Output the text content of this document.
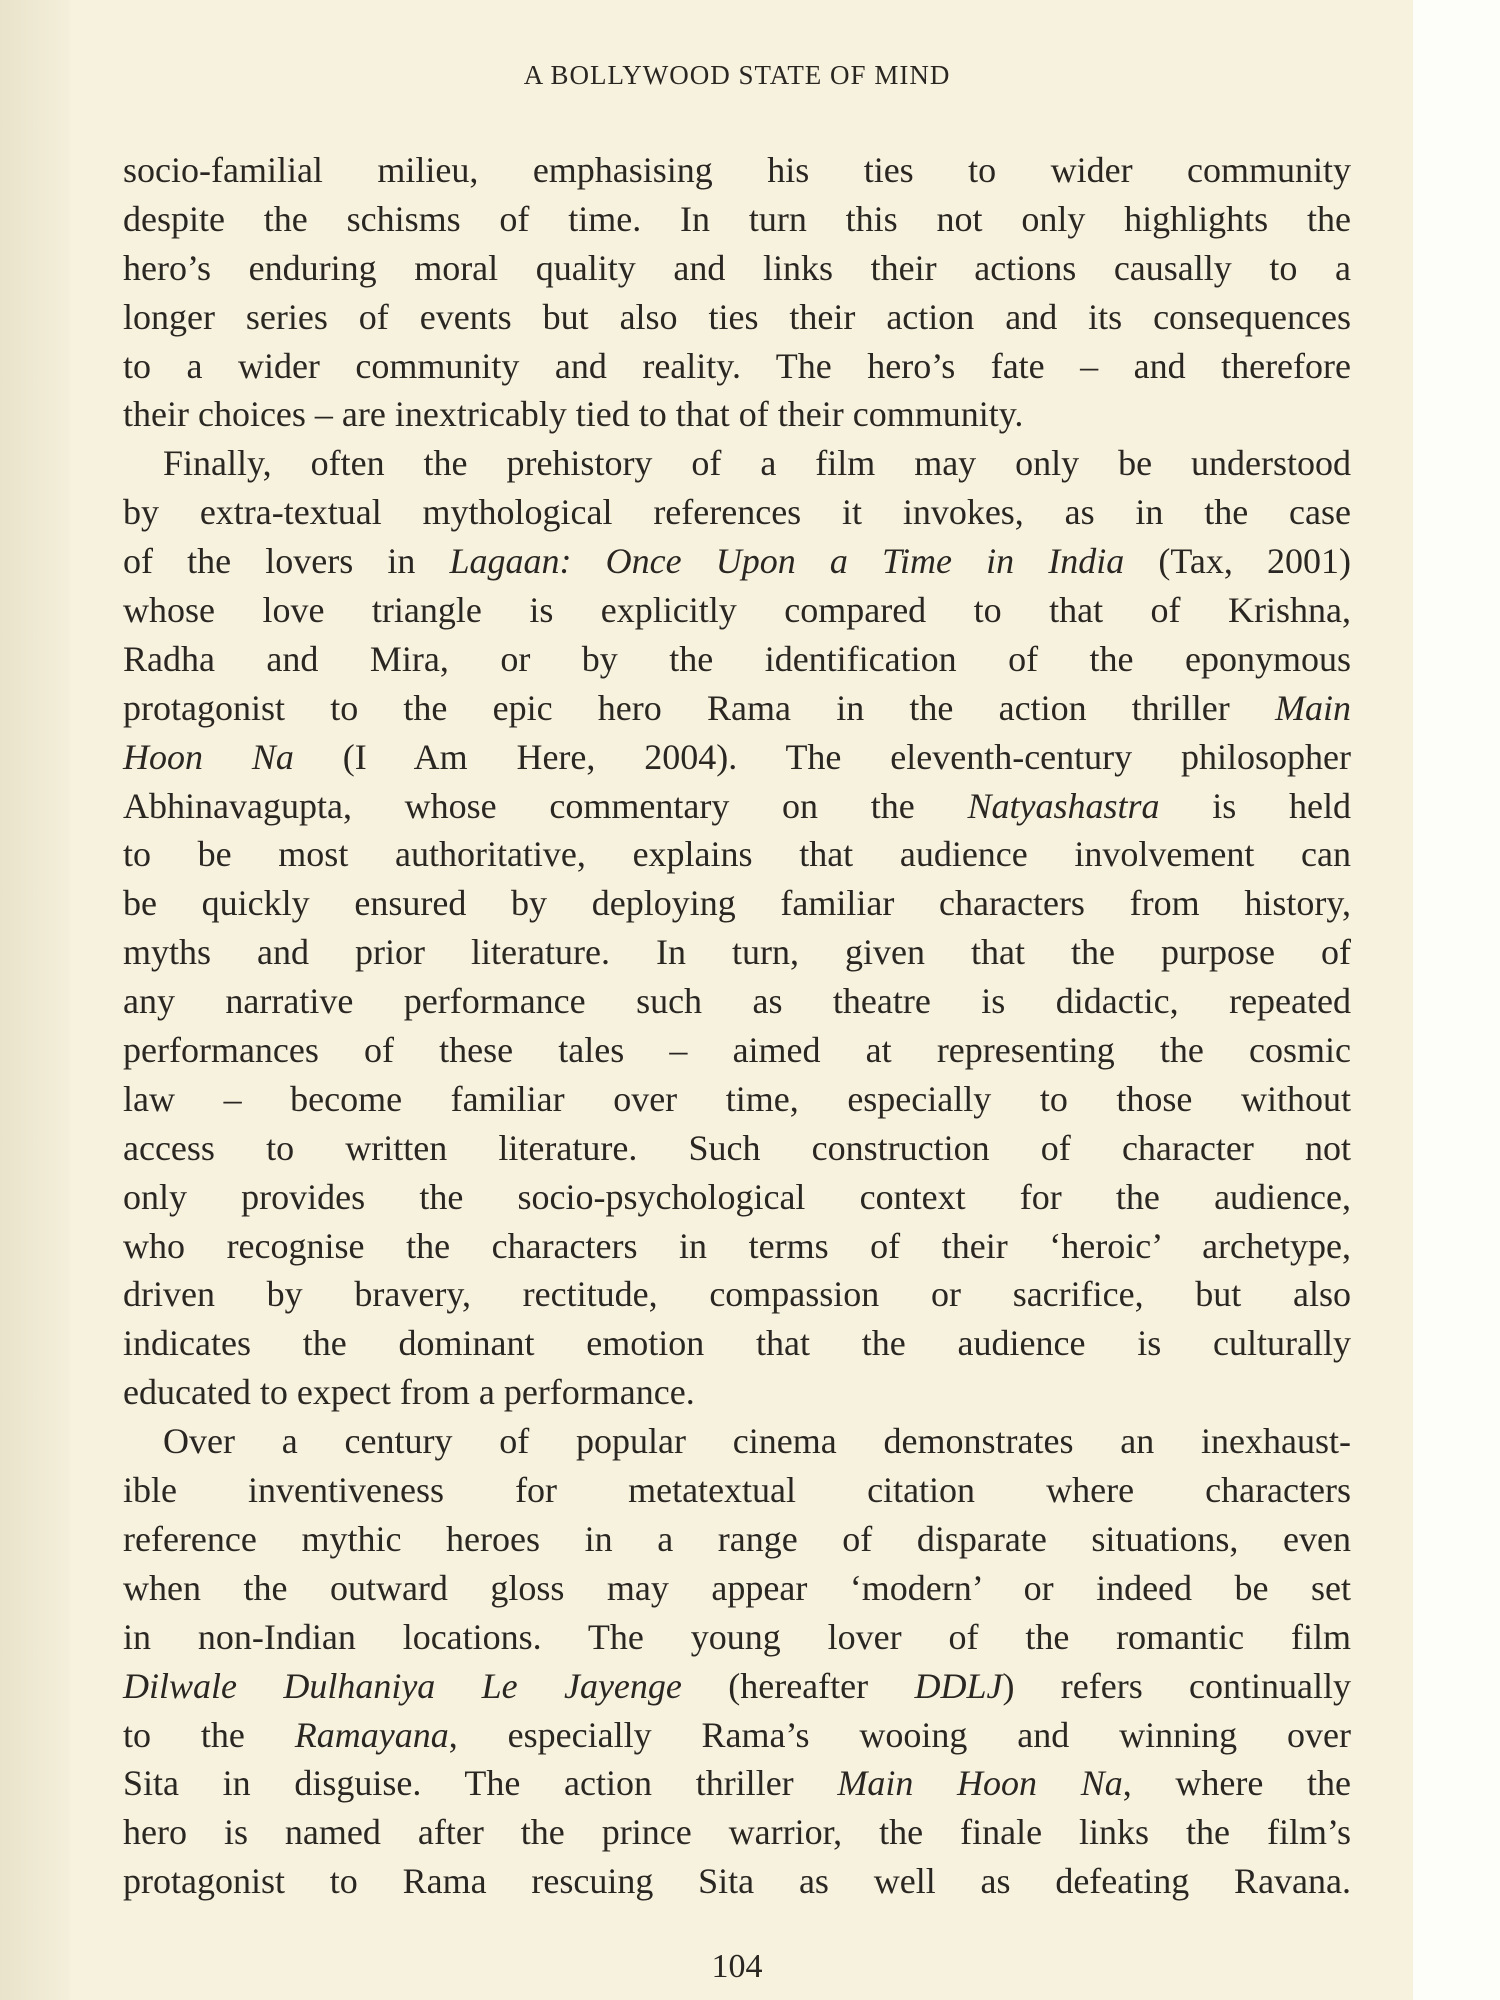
A BOLLYWOOD STATE OF MIND
socio-familial milieu, emphasising his ties to wider community
despite the schisms of time. In turn this not only highlights the
hero’s enduring moral quality and links their actions causally to a
longer series of events but also ties their action and its consequences
to a wider community and reality. The hero’s fate – and therefore
their choices – are inextricably tied to that of their community.
Finally, often the prehistory of a film may only be understood
by extra-textual mythological references it invokes, as in the case
of the lovers in Lagaan: Once Upon a Time in India (Tax, 2001)
whose love triangle is explicitly compared to that of Krishna,
Radha and Mira, or by the identification of the eponymous
protagonist to the epic hero Rama in the action thriller Main
Hoon Na (I Am Here, 2004). The eleventh-century philosopher
Abhinavagupta, whose commentary on the Natyashastra is held
to be most authoritative, explains that audience involvement can
be quickly ensured by deploying familiar characters from history,
myths and prior literature. In turn, given that the purpose of
any narrative performance such as theatre is didactic, repeated
performances of these tales – aimed at representing the cosmic
law – become familiar over time, especially to those without
access to written literature. Such construction of character not
only provides the socio-psychological context for the audience,
who recognise the characters in terms of their ‘heroic’ archetype,
driven by bravery, rectitude, compassion or sacrifice, but also
indicates the dominant emotion that the audience is culturally
educated to expect from a performance.
Over a century of popular cinema demonstrates an inexhaust-
ible inventiveness for metatextual citation where characters
reference mythic heroes in a range of disparate situations, even
when the outward gloss may appear ‘modern’ or indeed be set
in non-Indian locations. The young lover of the romantic film
Dilwale Dulhaniya Le Jayenge (hereafter DDLJ) refers continually
to the Ramayana, especially Rama’s wooing and winning over
Sita in disguise. The action thriller Main Hoon Na, where the
hero is named after the prince warrior, the finale links the film’s
protagonist to Rama rescuing Sita as well as defeating Ravana.
104
